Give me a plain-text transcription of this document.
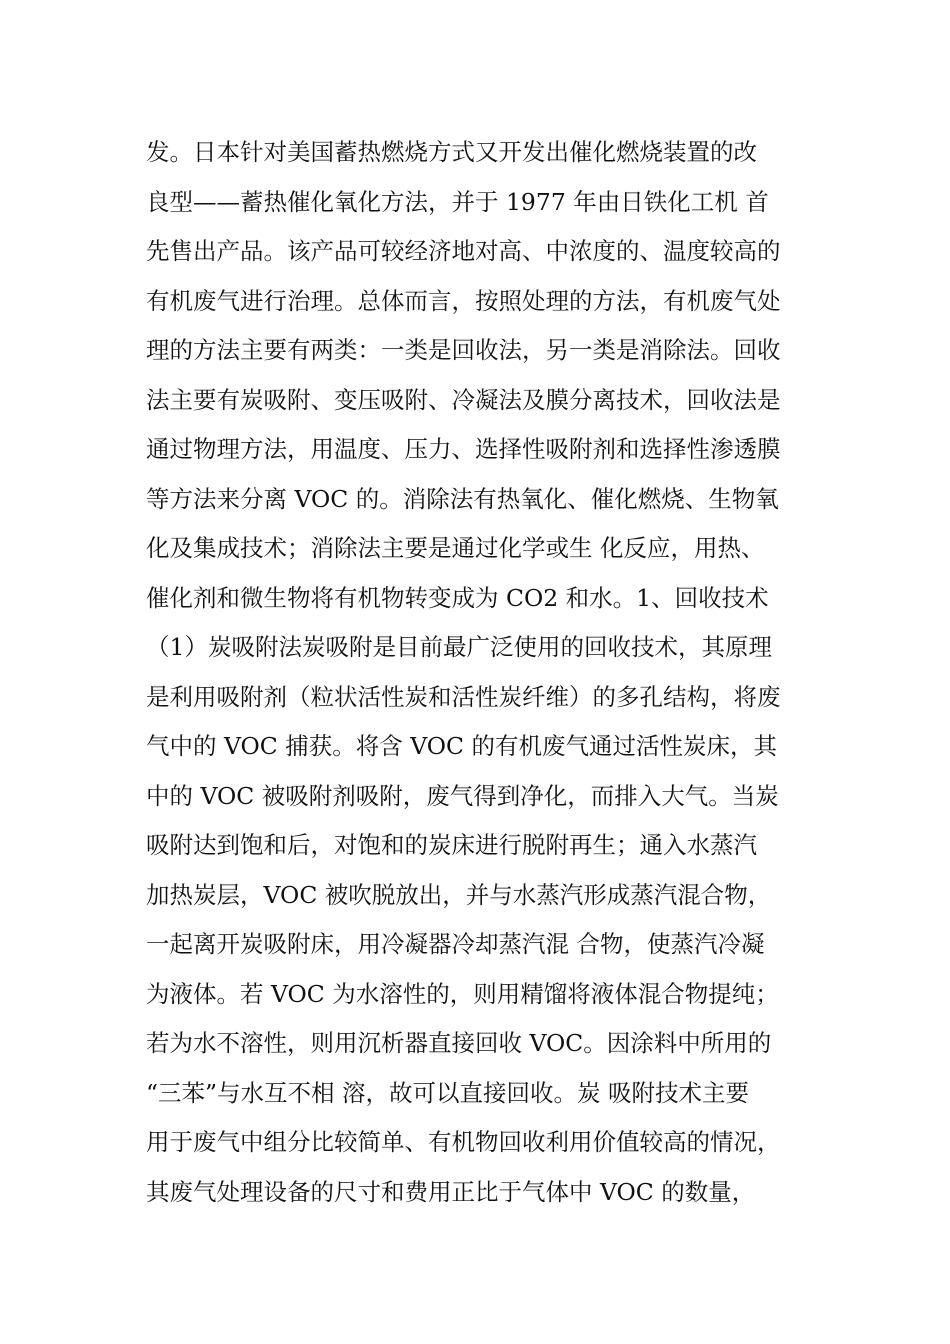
发。日本针对美国蓄热燃烧方式又开发出催化燃烧装置的改
良型——蓄热催化氧化方法，并于 1977 年由日铁化工机 首
先售出产品。该产品可较经济地对高、中浓度的、温度较高的
有机废气进行治理。总体而言，按照处理的方法，有机废气处
理的方法主要有两类：一类是回收法，另一类是消除法。回收
法主要有炭吸附、变压吸附、冷凝法及膜分离技术，回收法是
通过物理方法，用温度、压力、选择性吸附剂和选择性渗透膜
等方法来分离 VOC 的。消除法有热氧化、催化燃烧、生物氧
化及集成技术；消除法主要是通过化学或生 化反应，用热、
催化剂和微生物将有机物转变成为 CO2 和水。1、回收技术
（1）炭吸附法炭吸附是目前最广泛使用的回收技术，其原理
是利用吸附剂（粒状活性炭和活性炭纤维）的多孔结构，将废
气中的 VOC 捕获。将含 VOC 的有机废气通过活性炭床，其
中的 VOC 被吸附剂吸附，废气得到净化，而排入大气。当炭
吸附达到饱和后，对饱和的炭床进行脱附再生；通入水蒸汽
加热炭层，VOC 被吹脱放出，并与水蒸汽形成蒸汽混合物，
一起离开炭吸附床，用冷凝器冷却蒸汽混 合物，使蒸汽冷凝
为液体。若 VOC 为水溶性的，则用精馏将液体混合物提纯；
若为水不溶性，则用沉析器直接回收 VOC。因涂料中所用的
“三苯”与水互不相 溶，故可以直接回收。炭 吸附技术主要
用于废气中组分比较简单、有机物回收利用价值较高的情况，
其废气处理设备的尺寸和费用正比于气体中 VOC 的数量，
